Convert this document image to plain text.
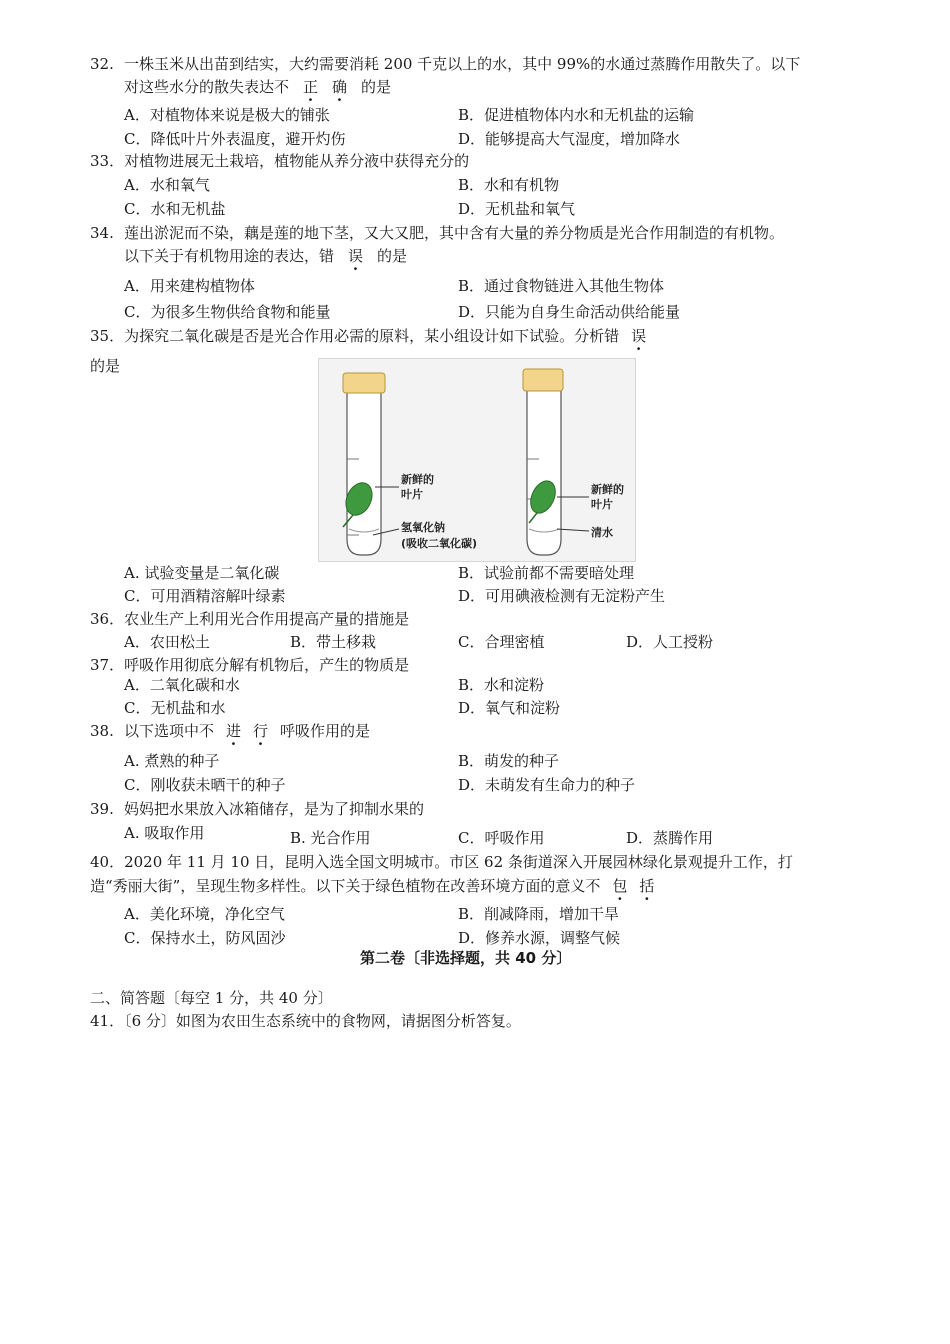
32. 一株玉米从出苗到结实，大约需要消耗 200 千克以上的水，其中 99%的水通过蒸腾作用散失了。以下
对这些水分的散失表达不 正 确 的是
A．对植物体来说是极大的铺张	B．促进植物体内水和无机盐的运输
C．降低叶片外表温度，避开灼伤	D．能够提高大气湿度，增加降水
33．对植物进展无土栽培，植物能从养分液中获得充分的
A．水和氧气	B．水和有机物
C．水和无机盐	D．无机盐和氧气
34. 莲出淤泥而不染，藕是莲的地下茎，又大又肥，其中含有大量的养分物质是光合作用制造的有机物。
以下关于有机物用途的表达，错 误 的是
A．用来建构植物体	B．通过食物链进入其他生物体
C．为很多生物供给食物和能量	D．只能为自身生命活动供给能量
35．为探究二氧化碳是否是光合作用必需的原料，某小组设计如下试验。分析错 误
的是
新鲜的
叶片
氢氧化钠
(吸收二氧化碳)
新鲜的
叶片
清水
A. 试验变量是二氧化碳	B．试验前都不需要暗处理
C．可用酒精溶解叶绿素	D．可用碘液检测有无淀粉产生
36．农业生产上利用光合作用提高产量的措施是
A．农田松土	B．带土移栽	C．合理密植	D．人工授粉
37．呼吸作用彻底分解有机物后，产生的物质是
A．二氧化碳和水	B．水和淀粉
C．无机盐和水	D．氧气和淀粉
38. 以下选项中不 进 行 呼吸作用的是
A. 煮熟的种子	B．萌发的种子
C．刚收获未晒干的种子	D．未萌发有生命力的种子
39. 妈妈把水果放入冰箱储存，是为了抑制水果的
A. 吸取作用	B. 光合作用	C．呼吸作用	D．蒸腾作用
40．2020 年 11 月 10 日，昆明入选全国文明城市。市区 62 条街道深入开展园林绿化景观提升工作，打
造“秀丽大街”，呈现生物多样性。以下关于绿色植物在改善环境方面的意义不 包 括
A．美化环境，净化空气	B．削减降雨，增加干旱
C．保持水土，防风固沙	D．修养水源，调整气候
第二卷〔非选择题，共 40 分〕
二、简答题〔每空 1 分，共 40 分〕
41．〔6 分〕如图为农田生态系统中的食物网，请据图分析答复。
